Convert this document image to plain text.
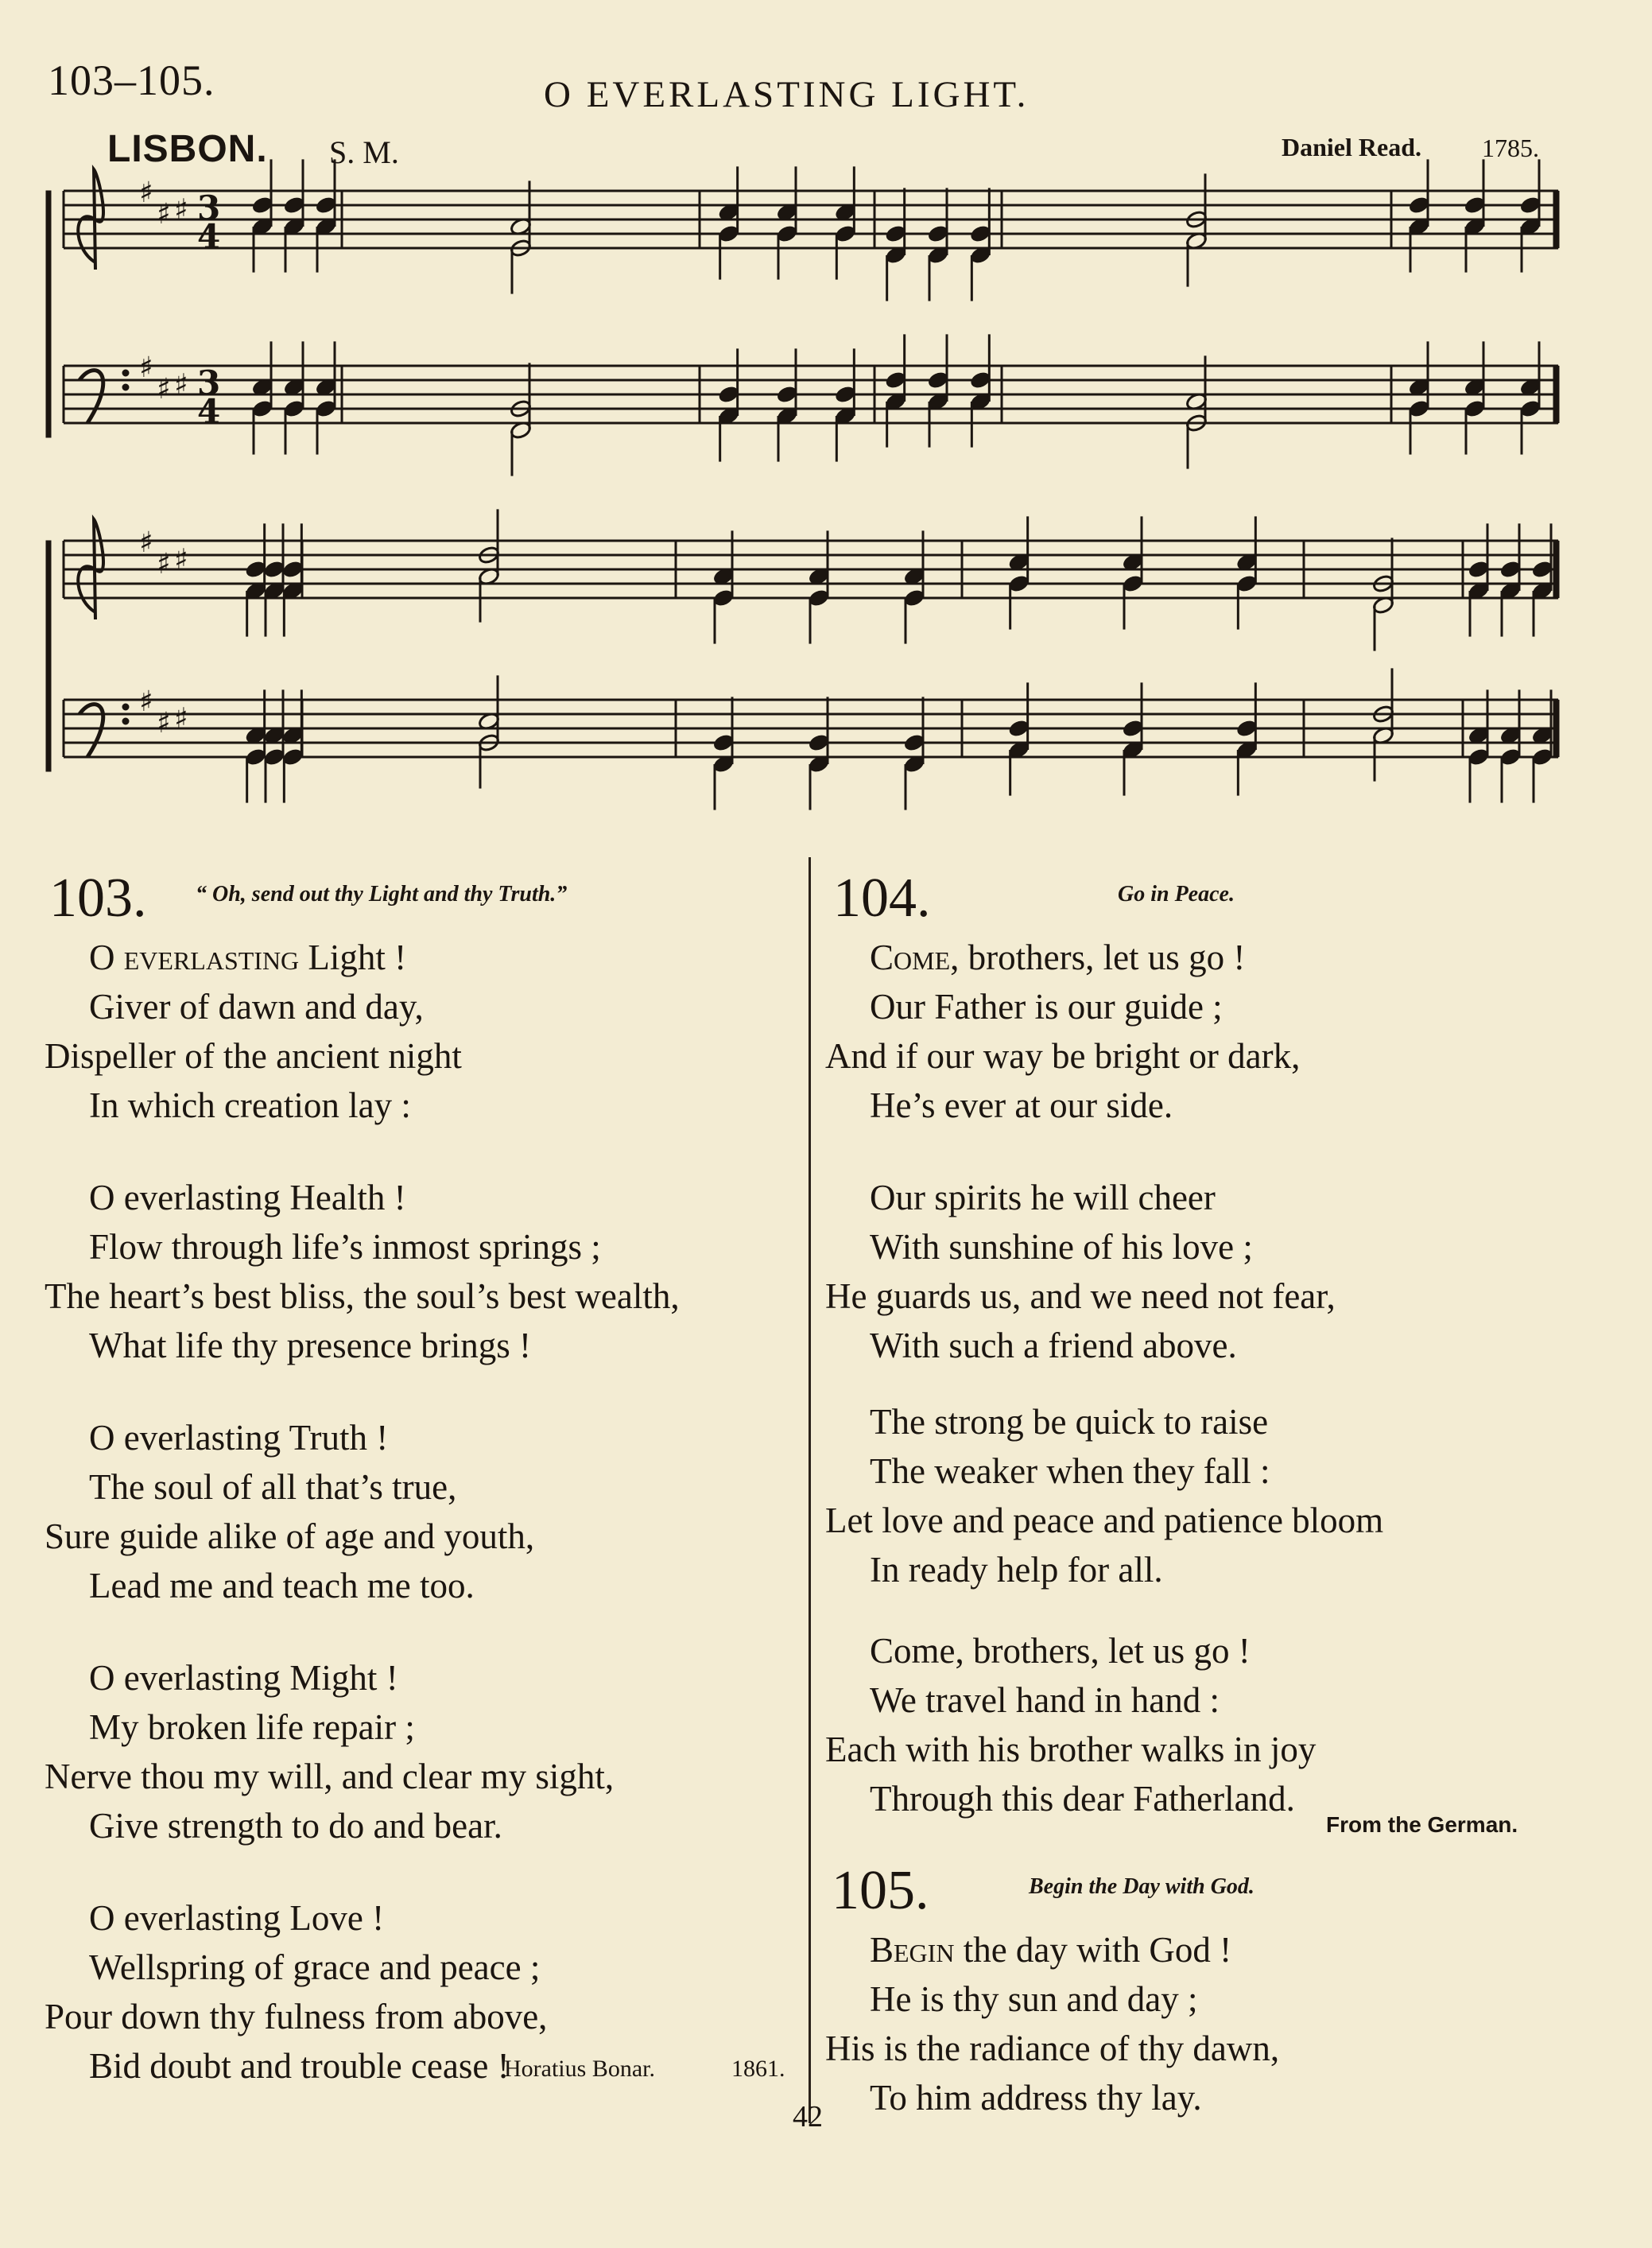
103–105.	O EVERLASTING LIGHT.
LISBON. S. M.	Daniel Read. 1785.
♯
♯ ♯ 3
4
♯
♯ ♯ 3
4
♯
♯ ♯
♯
♯ ♯
103. “ Oh, send out thy Light and thy Truth.”
O everlasting Light !
Giver of dawn and day,
Dispeller of the ancient night
In which creation lay :
O everlasting Health !
Flow through life’s inmost springs ;
The heart’s best bliss, the soul’s best wealth,
What life thy presence brings !
O everlasting Truth !
The soul of all that’s true,
Sure guide alike of age and youth,
Lead me and teach me too.
O everlasting Might !
My broken life repair ;
Nerve thou my will, and clear my sight,
Give strength to do and bear.
O everlasting Love !
Wellspring of grace and peace ;
Pour down thy fulness from above,
Bid doubt and trouble cease !
Horatius Bonar.	1861.
104.	Go in Peace.
Come, brothers, let us go !
Our Father is our guide ;
And if our way be bright or dark,
He’s ever at our side.
Our spirits he will cheer
With sunshine of his love ;
He guards us, and we need not fear,
With such a friend above.
The strong be quick to raise
The weaker when they fall :
Let love and peace and patience bloom
In ready help for all.
Come, brothers, let us go !
We travel hand in hand :
Each with his brother walks in joy
Through this dear Fatherland.
From the German.
105.	Begin the Day with God.
Begin the day with God !
He is thy sun and day ;
His is the radiance of thy dawn,
To him address thy lay.
42
